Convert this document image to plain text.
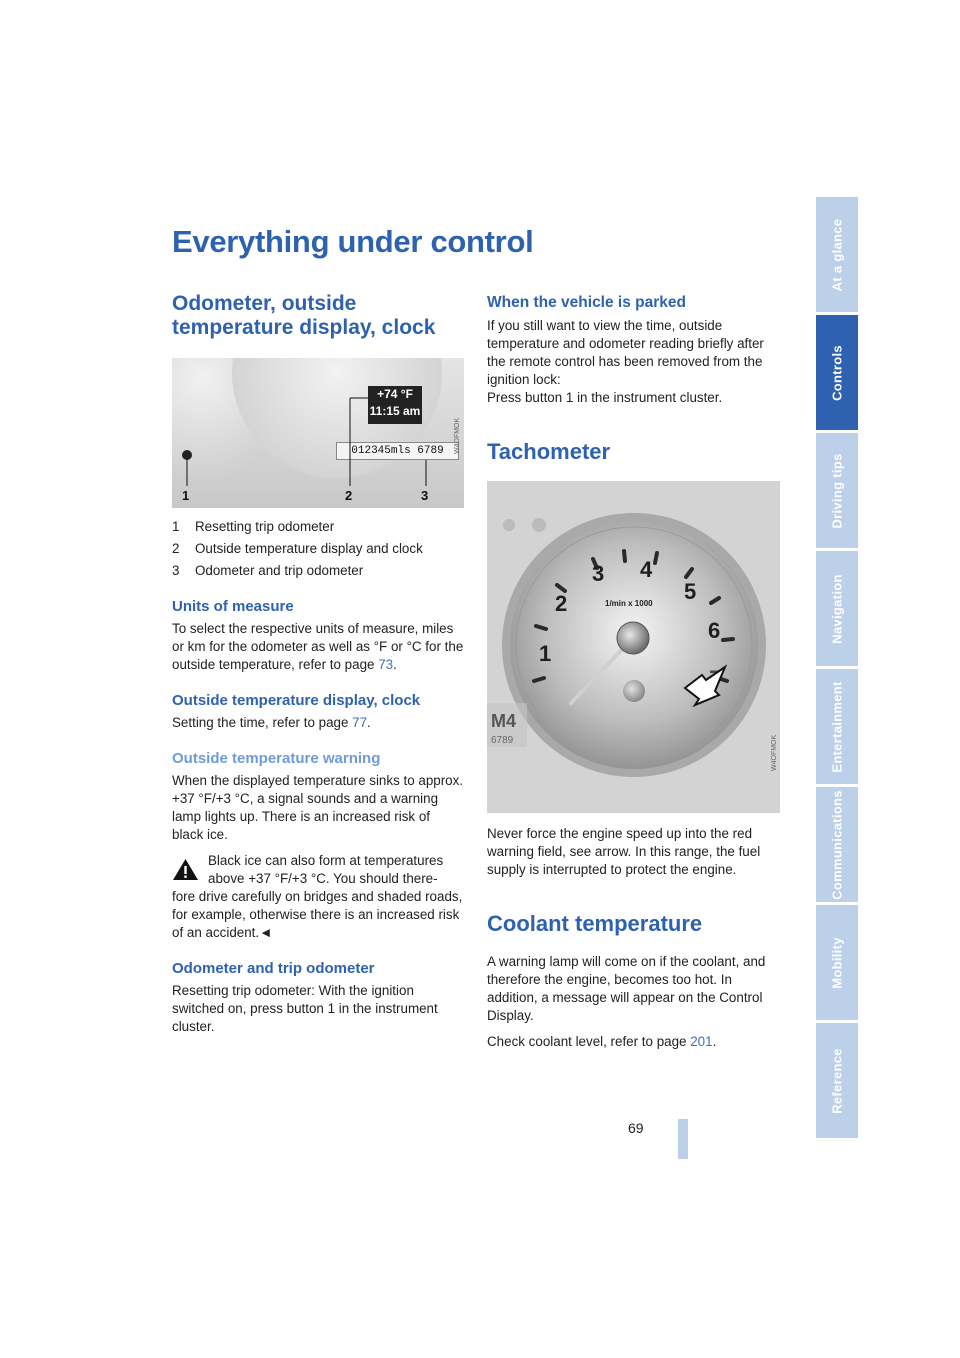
Everything under control
Odometer, outside temperature display, clock
+74 °F
11:15 am
012345mls 6789
1	2	3
W4OFMOK
1	Resetting trip odometer
2	Outside temperature display and clock
3	Odometer and trip odometer
Units of measure

To select the respective units of measure, miles or km for the odometer as well as °F or °C for the outside temperature, refer to page 73.

Outside temperature display, clock

Setting the time, refer to page 77.

Outside temperature warning

When the displayed temperature sinks to approx. +37 °F/+3 °C, a signal sounds and a warning lamp lights up. There is an increased risk of black ice.

Black ice can also form at temperatures above +37 °F/+3 °C. You should there-

fore drive carefully on bridges and shaded roads, for example, otherwise there is an increased risk of an accident.◄

Odometer and trip odometer

Resetting trip odometer: With the ignition switched on, press button 1 in the instrument cluster.

When the vehicle is parked

If you still want to view the time, outside temperature and odometer reading briefly after the remote control has been removed from the ignition lock:

Press button 1 in the instrument cluster.

Tachometer
1
2
3 4
5
6
1/min x 1000
M4
6789	W4OFMOK

Never force the engine speed up into the red warning field, see arrow. In this range, the fuel supply is interrupted to protect the engine.

Coolant temperature

A warning lamp will come on if the coolant, and therefore the engine, becomes too hot. In addition, a message will appear on the Control Display.

Check coolant level, refer to page 201.

At a glance
Controls
Driving tips
Navigation
Entertainment
Communications
Mobility
Reference
69
